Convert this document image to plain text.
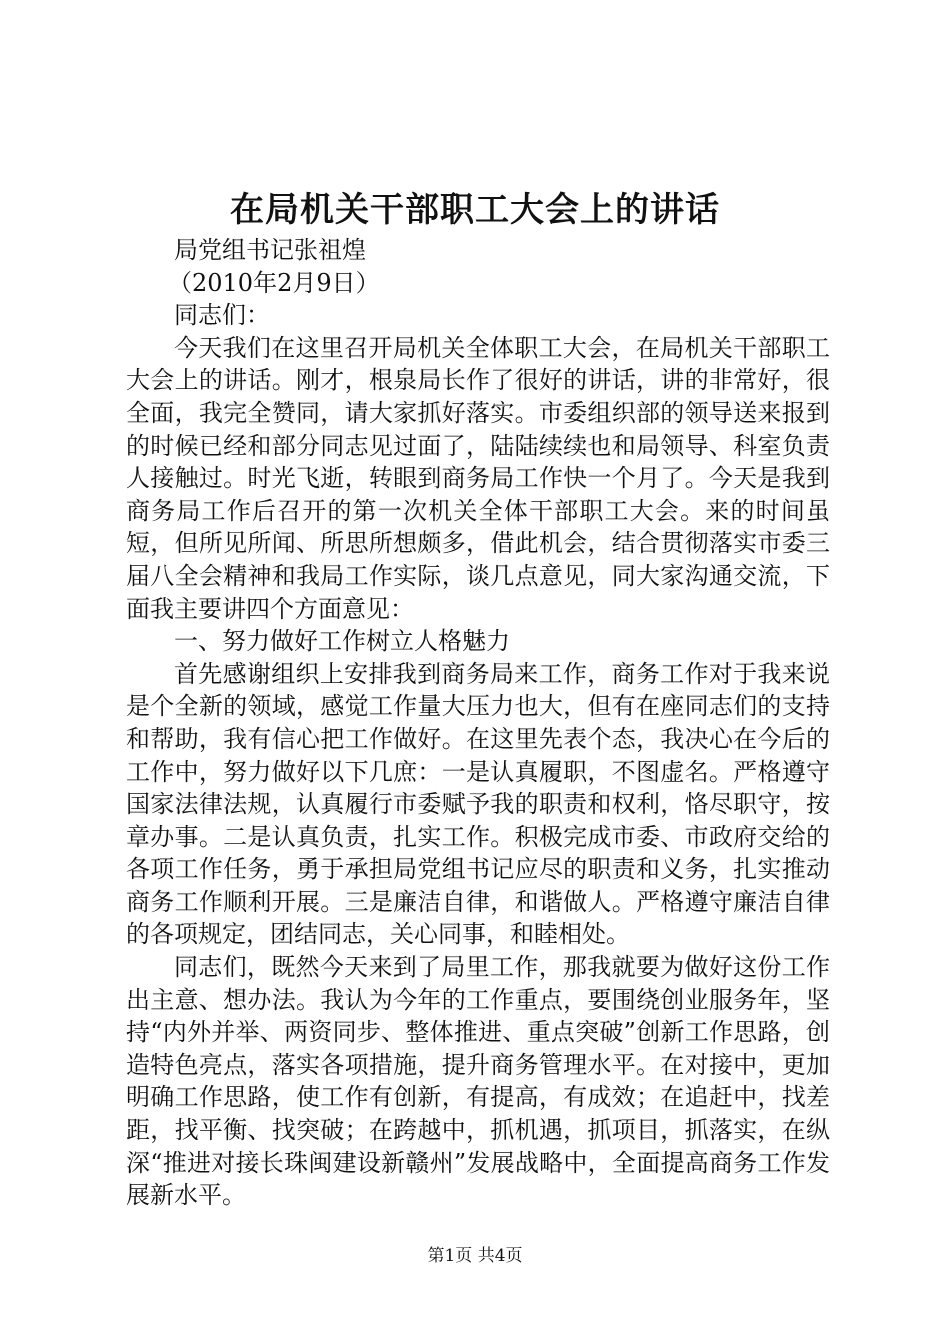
在局机关干部职工大会上的讲话

局党组书记张祖煌

（2010年2月9日）

同志们：

今天我们在这里召开局机关全体职工大会，在局机关干部职工大会上的讲话。刚才，根泉局长作了很好的讲话，讲的非常好，很全面，我完全赞同，请大家抓好落实。市委组织部的领导送来报到的时候已经和部分同志见过面了，陆陆续续也和局领导、科室负责人接触过。时光飞逝，转眼到商务局工作快一个月了。今天是我到商务局工作后召开的第一次机关全体干部职工大会。来的时间虽短，但所见所闻、所思所想颇多，借此机会，结合贯彻落实市委三届八全会精神和我局工作实际，谈几点意见，同大家沟通交流，下面我主要讲四个方面意见：

一、努力做好工作树立人格魅力

首先感谢组织上安排我到商务局来工作，商务工作对于我来说是个全新的领域，感觉工作量大压力也大，但有在座同志们的支持和帮助，我有信心把工作做好。在这里先表个态，我决心在今后的工作中，努力做好以下几庶：一是认真履职，不图虚名。严格遵守国家法律法规，认真履行市委赋予我的职责和权利，恪尽职守，按章办事。二是认真负责，扎实工作。积极完成市委、市政府交给的各项工作任务，勇于承担局党组书记应尽的职责和义务，扎实推动商务工作顺利开展。三是廉洁自律，和谐做人。严格遵守廉洁自律的各项规定，团结同志，关心同事，和睦相处。

同志们，既然今天来到了局里工作，那我就要为做好这份工作出主意、想办法。我认为今年的工作重点，要围绕创业服务年，坚持“内外并举、两资同步、整体推进、重点突破”创新工作思路，创造特色亮点，落实各项措施，提升商务管理水平。在对接中，更加明确工作思路，使工作有创新，有提高，有成效；在追赶中，找差距，找平衡、找突破；在跨越中，抓机遇，抓项目，抓落实，在纵深“推进对接长珠闽建设新赣州”发展战略中，全面提高商务工作发展新水平。

第1页 共4页
